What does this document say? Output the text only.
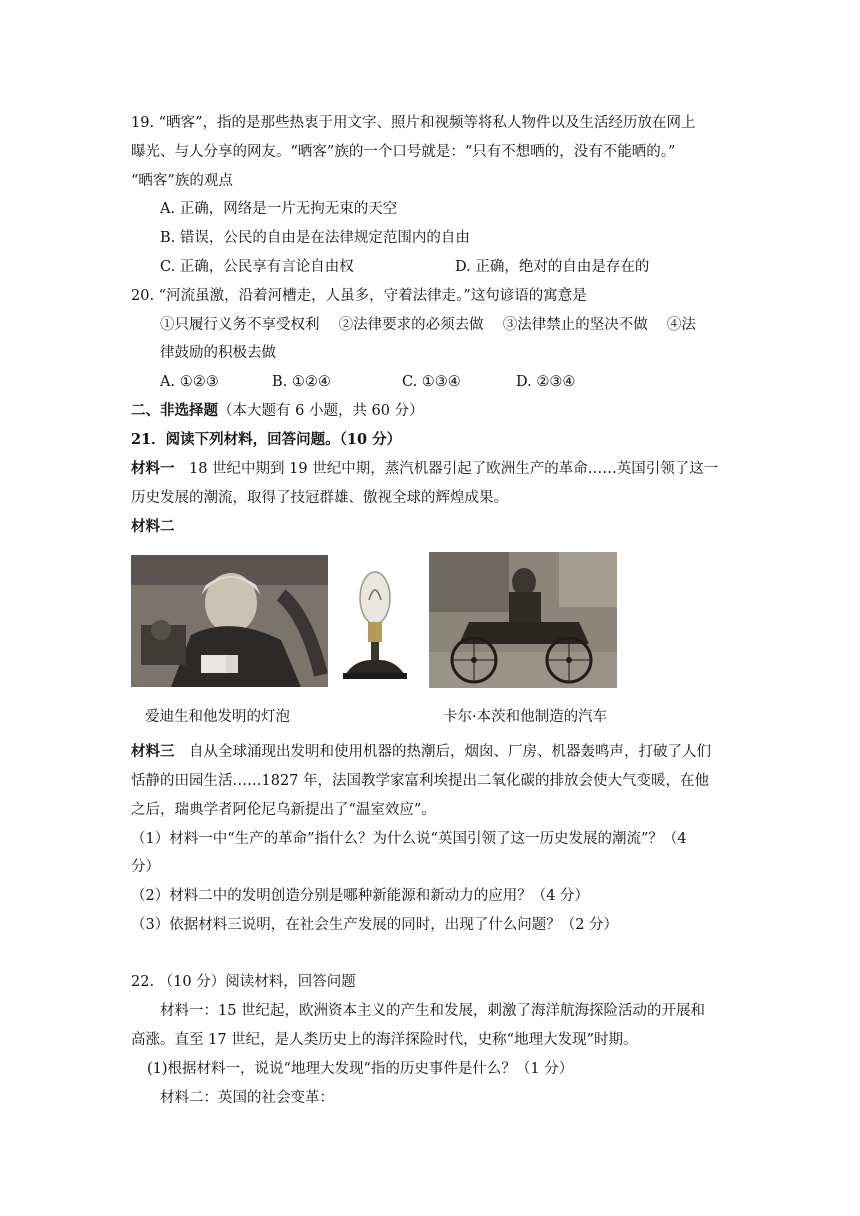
19. “晒客”，指的是那些热衷于用文字、照片和视频等将私人物件以及生活经历放在网上
曝光、与人分享的网友。“晒客”族的一个口号就是：“只有不想晒的，没有不能晒的。”
“晒客”族的观点
A. 正确，网络是一片无拘无束的天空
B. 错误，公民的自由是在法律规定范围内的自由
C. 正确，公民享有言论自由权	D. 正确，绝对的自由是存在的
20. “河流虽激，沿着河槽走，人虽多，守着法律走。”这句谚语的寓意是
①只履行义务不享受权利　 ②法律要求的必须去做　 ③法律禁止的坚决不做　 ④法
律鼓励的积极去做
A. ①②③	B. ①②④	C. ①③④	D. ②③④
二、非选择题（本大题有 6 小题，共 60 分）
21．阅读下列材料，回答问题。（10 分）
材料一　18 世纪中期到 19 世纪中期，蒸汽机器引起了欧洲生产的革命……英国引领了这一
历史发展的潮流，取得了技冠群雄、傲视全球的辉煌成果。
材料二
爱迪生和他发明的灯泡	卡尔·本茨和他制造的汽车
材料三　自从全球涌现出发明和使用机器的热潮后，烟囱、厂房、机器轰鸣声，打破了人们
恬静的田园生活……1827 年，法国教学家富利埃提出二氧化碳的排放会使大气变暖，在他
之后，瑞典学者阿伦尼乌新提出了“温室效应”。
（1）材料一中“生产的革命”指什么？为什么说“英国引领了这一历史发展的潮流”？（4
分）
（2）材料二中的发明创造分别是哪种新能源和新动力的应用？（4 分）
（3）依据材料三说明，在社会生产发展的同时，出现了什么问题？（2 分）
22. （10 分）阅读材料，回答问题
材料一：15 世纪起，欧洲资本主义的产生和发展，刺激了海洋航海探险活动的开展和
高涨。直至 17 世纪，是人类历史上的海洋探险时代，史称“地理大发现”时期。
(1)根据材料一，说说“地理大发现“指的历史事件是什么？（1 分）
材料二：英国的社会变革：
